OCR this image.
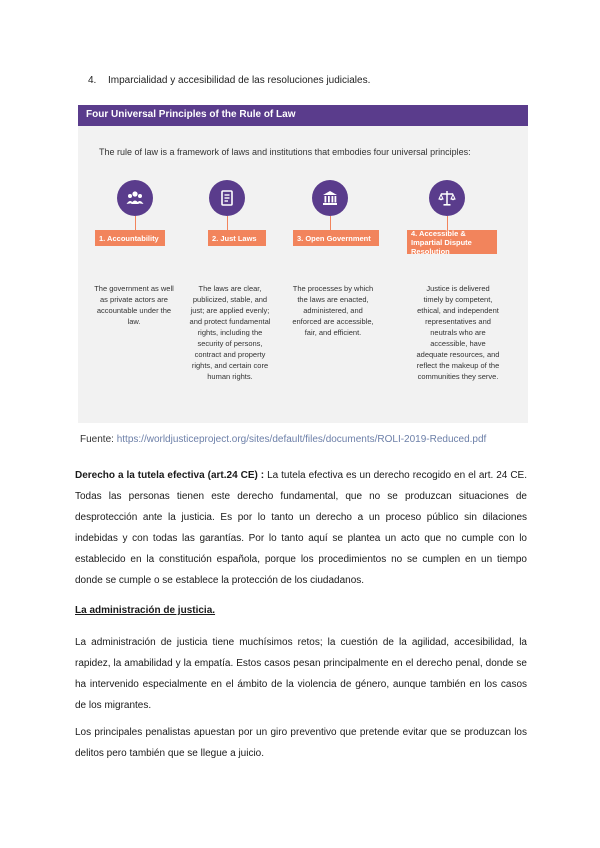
4. Imparcialidad y accesibilidad de las resoluciones judiciales.
Four Universal Principles of the Rule of Law
The rule of law is a framework of laws and institutions that embodies four universal principles:
1. Accountability
The government as well
as private actors are
accountable under the
law.
2. Just Laws
The laws are clear,
publicized, stable, and
just; are applied evenly;
and protect fundamental
rights, including the
security of persons,
contract and property
rights, and certain core
human rights.
3. Open Government
The processes by which
the laws are enacted,
administered, and
enforced are accessible,
fair, and efficient.
4. Accessible & Impartial Dispute Resolution
Justice is delivered
timely by competent,
ethical, and independent
representatives and
neutrals who are
accessible, have
adequate resources, and
reflect the makeup of the
communities they serve.
Fuente: https://worldjusticeproject.org/sites/default/files/documents/ROLI-2019-Reduced.pdf
Derecho a la tutela efectiva (art.24 CE) : La tutela efectiva es un derecho recogido en el art. 24 CE.
Todas las personas tienen este derecho fundamental, que no se produzcan situaciones de
desprotección ante la justicia. Es por lo tanto un derecho a un proceso público sin dilaciones
indebidas y con todas las garantías. Por lo tanto aquí se plantea un acto que no cumple con lo
establecido en la constitución española, porque los procedimientos no se cumplen en un tiempo
donde se cumple o se establece la protección de los ciudadanos.
La administración de justicia.
La administración de justicia tiene muchísimos retos; la cuestión de la agilidad, accesibilidad, la
rapidez, la amabilidad y la empatía. Estos casos pesan principalmente en el derecho penal, donde se
ha intervenido especialmente en el ámbito de la violencia de género, aunque también en los casos
de los migrantes.
Los principales penalistas apuestan por un giro preventivo que pretende evitar que se produzcan los
delitos pero también que se llegue a juicio.
